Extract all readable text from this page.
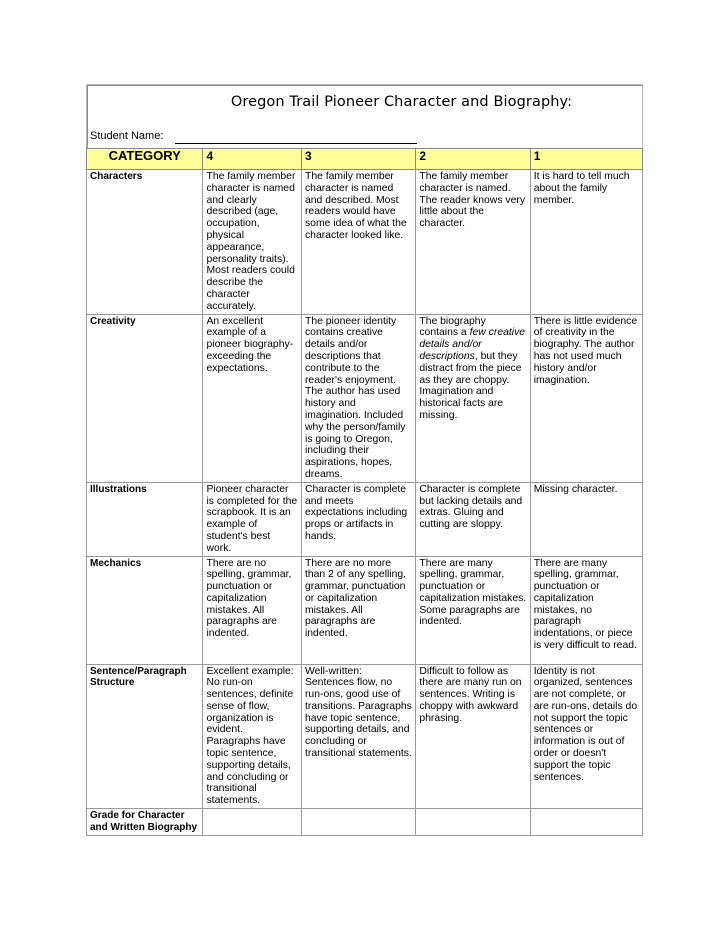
Oregon Trail Pioneer Character and Biography:
Student Name:
CATEGORY	4	3	2	1
Characters	The family member character is named and clearly described (age, occupation, physical appearance, personality traits). Most readers could describe the character accurately.	The family member character is named and described. Most readers would have some idea of what the character looked like.	The family member character is named. The reader knows very little about the character.	It is hard to tell much about the family member.
Creativity	An excellent example of a pioneer biography- exceeding the expectations.	The pioneer identity contains creative details and/or descriptions that contribute to the reader's enjoyment. The author has used history and imagination. Included why the person/family is going to Oregon, including their aspirations, hopes, dreams.	The biography contains a few creative details and/or descriptions, but they distract from the piece as they are choppy. Imagination and historical facts are missing.	There is little evidence of creativity in the biography. The author has not used much history and/or imagination.
Illustrations	Pioneer character is completed for the scrapbook. It is an example of student's best work.	Character is complete and meets expectations including props or artifacts in hands.	Character is complete but lacking details and extras. Gluing and cutting are sloppy.	Missing character.
Mechanics	There are no spelling, grammar, punctuation or capitalization mistakes. All paragraphs are indented.	There are no more than 2 of any spelling, grammar, punctuation or capitalization mistakes. All paragraphs are indented.	There are many spelling, grammar, punctuation or capitalization mistakes. Some paragraphs are indented.	There are many spelling, grammar, punctuation or capitalization mistakes, no paragraph indentations, or piece is very difficult to read.
Sentence/Paragraph Structure	Excellent example: No run-on sentences, definite sense of flow, organization is evident. Paragraphs have topic sentence, supporting details, and concluding or transitional statements.	Well-written: Sentences flow, no run-ons, good use of transitions. Paragraphs have topic sentence, supporting details, and concluding or transitional statements.	Difficult to follow as there are many run on sentences. Writing is choppy with awkward phrasing.	Identity is not organized, sentences are not complete, or are run-ons, details do not support the topic sentences or information is out of order or doesn't support the topic sentences.
Grade for Character and Written Biography				
